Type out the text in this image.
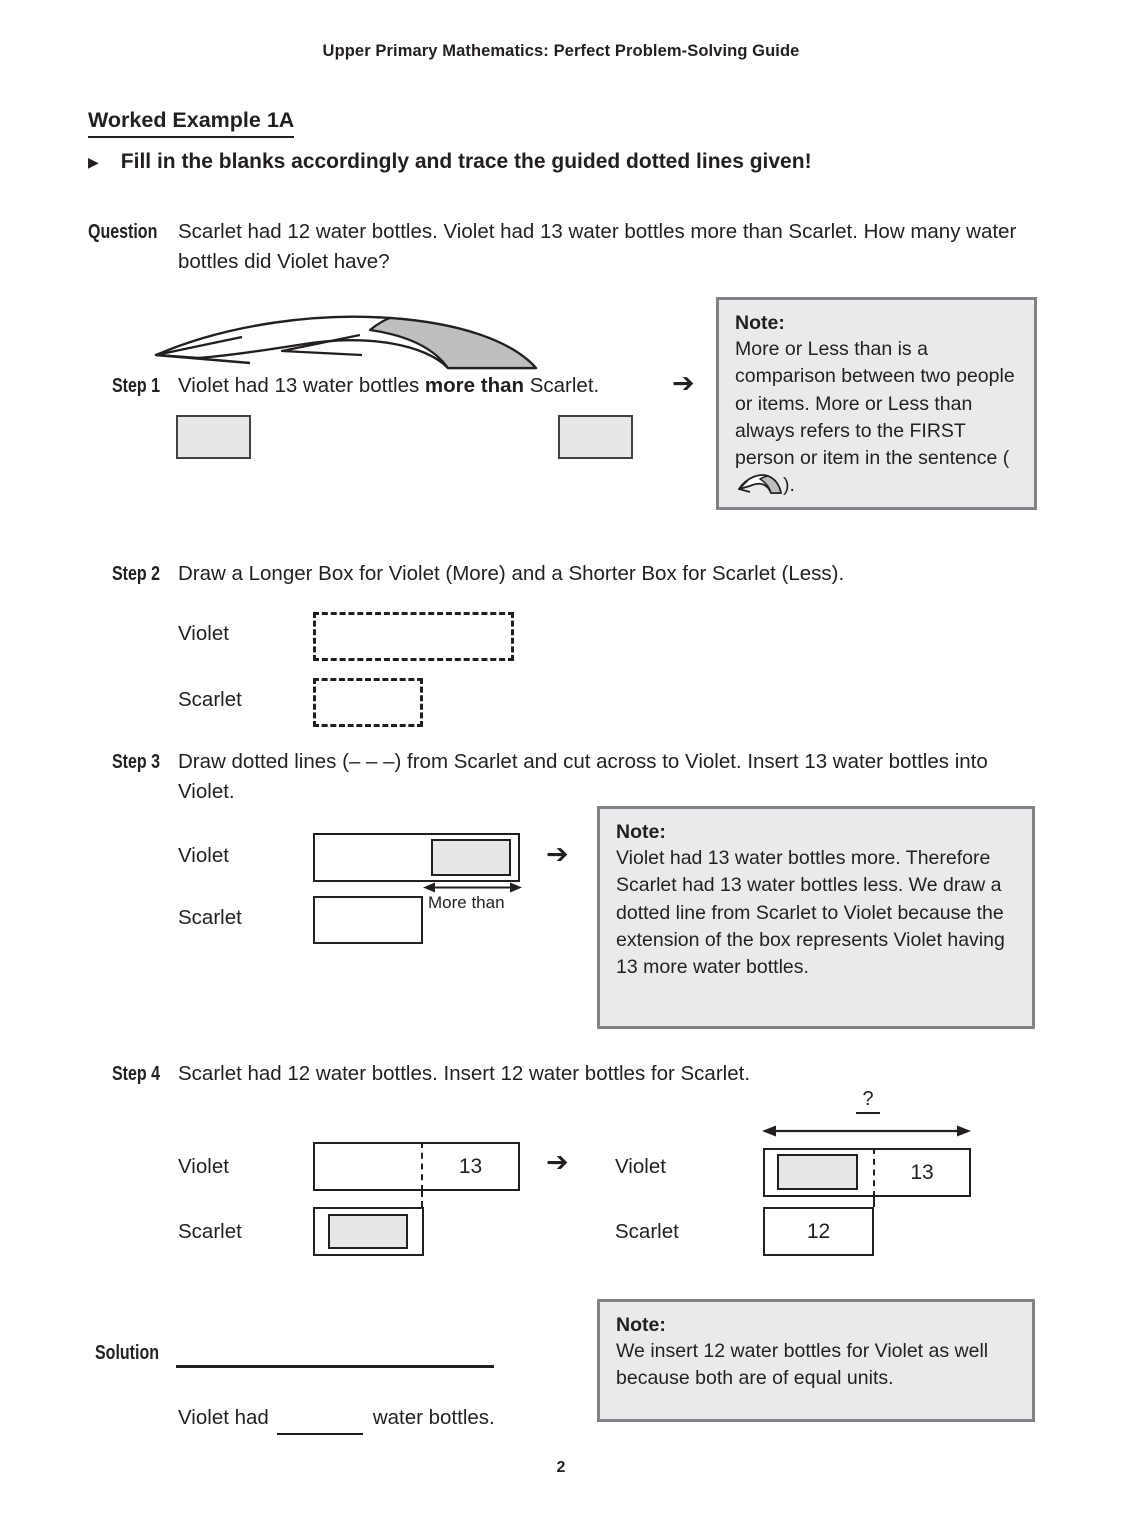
Upper Primary Mathematics: Perfect Problem-Solving Guide
Worked Example 1A
▶ Fill in the blanks accordingly and trace the guided dotted lines given!
Question Scarlet had 12 water bottles. Violet had 13 water bottles more than Scarlet. How many water bottles did Violet have?
Step 1 Violet had 13 water bottles more than Scarlet.	➔
Note:
More or Less than is a comparison between two people or items. More or Less than always refers to the FIRST person or item in the sentence ().
Step 2 Draw a Longer Box for Violet (More) and a Shorter Box for Scarlet (Less).
Violet
Scarlet
Step 3 Draw dotted lines (– – –) from Scarlet and cut across to Violet. Insert 13 water bottles into Violet.
Violet	➔
More than
Scarlet
Note:
Violet had 13 water bottles more. Therefore Scarlet had 13 water bottles less. We draw a dotted line from Scarlet to Violet because the extension of the box represents Violet having 13 more water bottles.
Step 4 Scarlet had 12 water bottles. Insert 12 water bottles for Scarlet.
Violet	13	➔
Scarlet
?
Violet	13
Scarlet	12
Note:
We insert 12 water bottles for Violet as well because both are of equal units.
Solution
Violet had	water bottles.
2
